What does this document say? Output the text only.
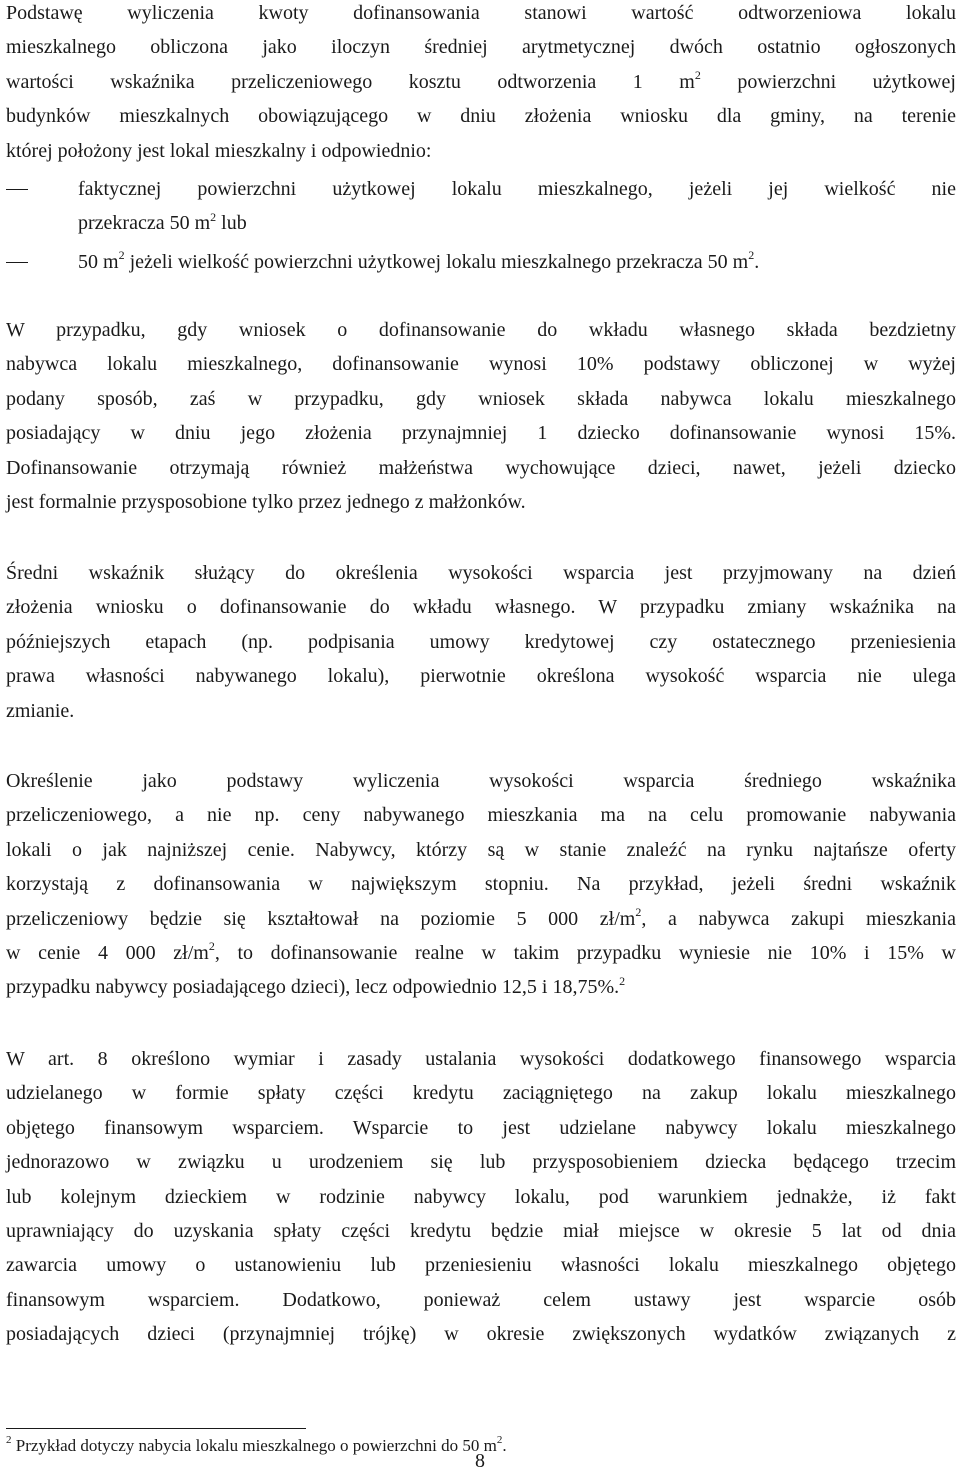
Podstawę wyliczenia kwoty dofinansowania stanowi wartość odtworzeniowa lokalu
mieszkalnego obliczona jako iloczyn średniej arytmetycznej dwóch ostatnio ogłoszonych
wartości wskaźnika przeliczeniowego kosztu odtworzenia 1 $m^2$ powierzchni użytkowej
budynków mieszkalnych obowiązującego w dniu złożenia wniosku dla gminy, na terenie
której położony jest lokal mieszkalny i odpowiednio:
faktycznej powierzchni użytkowej lokalu mieszkalnego, jeżeli jej wielkość nie
przekracza 50 $m^2$ lub
50 $m^2$ jeżeli wielkość powierzchni użytkowej lokalu mieszkalnego przekracza 50 $m^2$.
W przypadku, gdy wniosek o dofinansowanie do wkładu własnego składa bezdzietny
nabywca lokalu mieszkalnego, dofinansowanie wynosi 10% podstawy obliczonej w wyżej
podany sposób, zaś w przypadku, gdy wniosek składa nabywca lokalu mieszkalnego
posiadający w dniu jego złożenia przynajmniej 1 dziecko dofinansowanie wynosi 15%.
Dofinansowanie otrzymają również małżeństwa wychowujące dzieci, nawet, jeżeli dziecko
jest formalnie przysposobione tylko przez jednego z małżonków.
Średni wskaźnik służący do określenia wysokości wsparcia jest przyjmowany na dzień
złożenia wniosku o dofinansowanie do wkładu własnego. W przypadku zmiany wskaźnika na
późniejszych etapach (np. podpisania umowy kredytowej czy ostatecznego przeniesienia
prawa własności nabywanego lokalu), pierwotnie określona wysokość wsparcia nie ulega
zmianie.
Określenie jako podstawy wyliczenia wysokości wsparcia średniego wskaźnika
przeliczeniowego, a nie np. ceny nabywanego mieszkania ma na celu promowanie nabywania
lokali o jak najniższej cenie. Nabywcy, którzy są w stanie znaleźć na rynku najtańsze oferty
korzystają z dofinansowania w największym stopniu. Na przykład, jeżeli średni wskaźnik
przeliczeniowy będzie się kształtował na poziomie 5 000 $zł/m^2$, a nabywca zakupi mieszkania
w cenie 4 000 $zł/m^2$, to dofinansowanie realne w takim przypadku wyniesie nie 10% i 15% w
przypadku nabywcy posiadającego dzieci), lecz odpowiednio 12,5 i 18,75%.$^2$
W art. 8 określono wymiar i zasady ustalania wysokości dodatkowego finansowego wsparcia
udzielanego w formie spłaty części kredytu zaciągniętego na zakup lokalu mieszkalnego
objętego finansowym wsparciem. Wsparcie to jest udzielane nabywcy lokalu mieszkalnego
jednorazowo w związku u urodzeniem się lub przysposobieniem dziecka będącego trzecim
lub kolejnym dzieckiem w rodzinie nabywcy lokalu, pod warunkiem jednakże, iż fakt
uprawniający do uzyskania spłaty części kredytu będzie miał miejsce w okresie 5 lat od dnia
zawarcia umowy o ustanowieniu lub przeniesieniu własności lokalu mieszkalnego objętego
finansowym wsparciem. Dodatkowo, ponieważ celem ustawy jest wsparcie osób
posiadających dzieci (przynajmniej trójkę) w okresie zwiększonych wydatków związanych z
$^2$ Przykład dotyczy nabycia lokalu mieszkalnego o powierzchni do 50 $m^2$.
8
